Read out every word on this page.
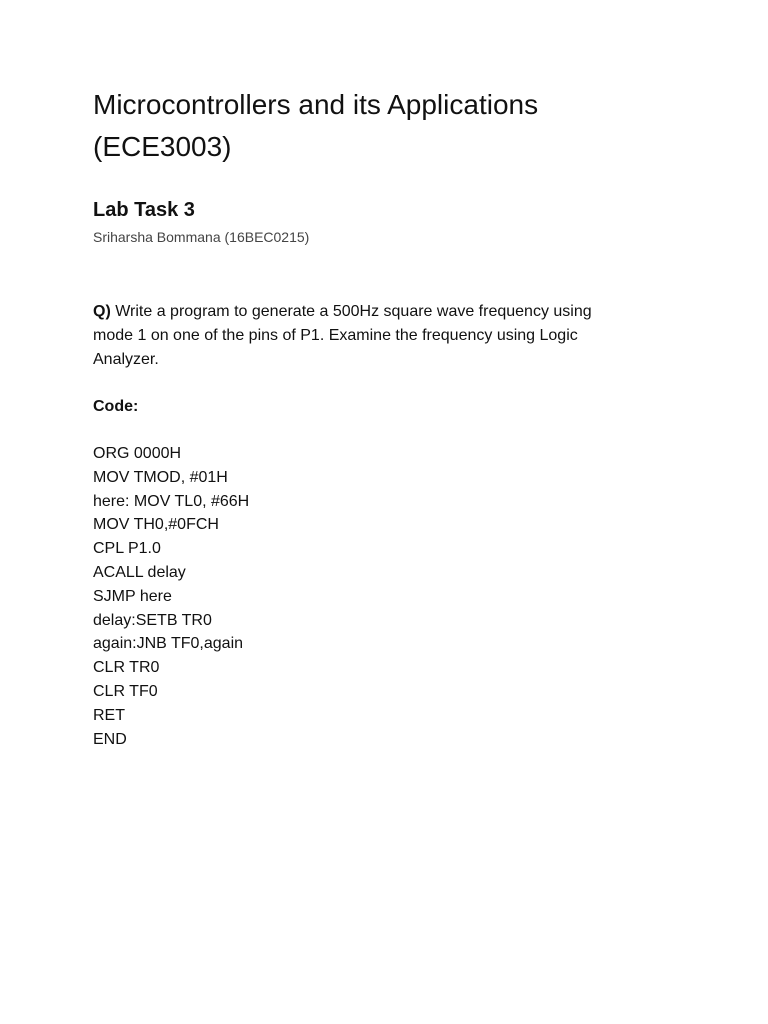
Microcontrollers and its Applications
(ECE3003)
Lab Task 3
Sriharsha Bommana (16BEC0215)
Q) Write a program to generate a 500Hz square wave frequency using
mode 1 on one of the pins of P1. Examine the frequency using Logic
Analyzer.
Code:
ORG 0000H
MOV TMOD, #01H
here: MOV TL0, #66H
MOV TH0,#0FCH
CPL P1.0
ACALL delay
SJMP here
delay:SETB TR0
again:JNB TF0,again
CLR TR0
CLR TF0
RET
END
